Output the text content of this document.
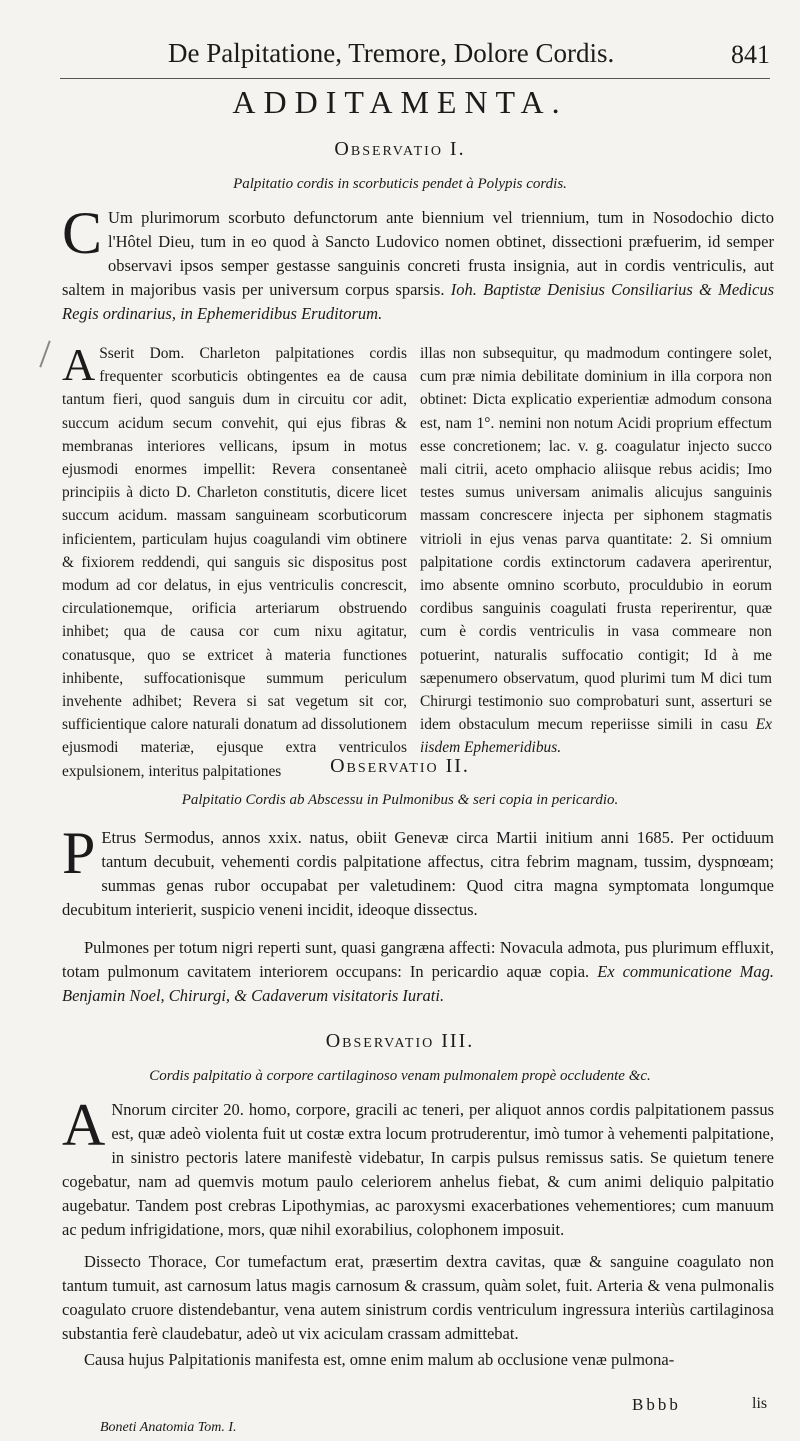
De Palpitatione, Tremore, Dolore Cordis.	841
ADDITAMENTA.
Observatio I.
Palpitatio cordis in scorbuticis pendet à Polypis cordis.
C Um plurimorum scorbuto defunctorum ante biennium vel triennium, tum in Nosodochio dicto l'Hôtel Dieu, tum in eo quod à Sancto Ludovico nomen obtinet, dissectioni præfuerim, id semper observavi ipsos semper gestasse sanguinis concreti frusta insignia, aut in cordis ventriculis, aut saltem in majoribus vasis per universum corpus sparsis. Ioh. Baptistæ Denisius Consiliarius & Medicus Regis ordinarius, in Ephemeridibus Eruditorum.
A Sserit Dom. Charleton palpitationes cordis frequenter scorbuticis obtingentes ea de causa tantum fieri, quod sanguis dum in circuitu cor adit, succum acidum secum convehit, qui ejus fibras & membranas interiores vellicans, ipsum in motus ejusmodi enormes impellit: Revera consentaneè principiis à dicto D. Charleton constitutis, dicere licet succum acidum. massam sanguineam scorbuticorum inficientem, particulam hujus coagulandi vim obtinere & fixiorem reddendi, qui sanguis sic dispositus post modum ad cor delatus, in ejus ventriculis concrescit, circulationemque, orificia arteriarum obstruendo inhibet; qua de causa cor cum nixu agitatur, conatusque, quo se extricet à materia functiones inhibente, suffocationisque summum periculum invehente adhibet; Revera si sat vegetum sit cor, sufficientique calore naturali donatum ad dissolutionem ejusmodi materiæ, ejusque extra ventriculos expulsionem, interitus palpitationes
illas non subsequitur, qu madmodum contingere solet, cum præ nimia debilitate dominium in illa corpora non obtinet: Dicta explicatio experientiæ admodum consona est, nam 1°. nemini non notum Acidi proprium effectum esse concretionem; lac. v. g. coagulatur injecto succo mali citrii, aceto omphacio aliisque rebus acidis; Imo testes sumus universam animalis alicujus sanguinis massam concrescere injecta per siphonem stagmatis vitrioli in ejus venas parva quantitate: 2. Si omnium palpitatione cordis extinctorum cadavera aperirentur, imo absente omnino scorbuto, proculdubio in eorum cordibus sanguinis coagulati frusta reperirentur, quæ cum è cordis ventriculis in vasa commeare non potuerint, naturalis suffocatio contigit; Id à me sæpenumero observatum, quod plurimi tum M dici tum Chirurgi testimonio suo comprobaturi sunt, asserturi se idem obstaculum mecum reperiisse simili in casu Ex iisdem Ephemeridibus.
Observatio II.
Palpitatio Cordis ab Abscessu in Pulmonibus & seri copia in pericardio.
P Etrus Sermodus, annos xxix. natus, obiit Genevæ circa Martii initium anni 1685. Per octiduum tantum decubuit, vehementi cordis palpitatione affectus, citra febrim magnam, tussim, dyspnœam; summas genas rubor occupabat per valetudinem: Quod citra magna symptomata longumque decubitum interierit, suspicio veneni incidit, ideoque dissectus.
Pulmones per totum nigri reperti sunt, quasi gangræna affecti: Novacula admota, pus plurimum effluxit, totam pulmonum cavitatem interiorem occupans: In pericardio aquæ copia. Ex communicatione Mag. Benjamin Noel, Chirurgi, & Cadaverum visitatoris Iurati.
Observatio III.
Cordis palpitatio à corpore cartilaginoso venam pulmonalem propè occludente &c.
A Nnorum circiter 20. homo, corpore, gracili ac teneri, per aliquot annos cordis palpitationem passus est, quæ adeò violenta fuit ut costæ extra locum protruderentur, imò tumor à vehementi palpitatione, in sinistro pectoris latere manifestè videbatur, In carpis pulsus remissus satis. Se quietum tenere cogebatur, nam ad quemvis motum paulo celeriorem anhelus fiebat, & cum animi deliquio palpitatio augebatur. Tandem post crebras Lipothymias, ac paroxysmi exacerbationes vehementiores; cum manuum ac pedum infrigidatione, mors, quæ nihil exorabilius, colophonem imposuit.
Dissecto Thorace, Cor tumefactum erat, præsertim dextra cavitas, quæ & sanguine coagulato non tantum tumuit, ast carnosum latus magis carnosum & crassum, quàm solet, fuit. Arteria & vena pulmonalis coagulato cruore distendebantur, vena autem sinistrum cordis ventriculum ingressura interiùs cartilaginosa substantia ferè claudebatur, adeò ut vix aciculam crassam admittebat.
Causa hujus Palpitationis manifesta est, omne enim malum ab occlusione venæ pulmona-
Bbbb	lis
Boneti Anatomia Tom. I.
